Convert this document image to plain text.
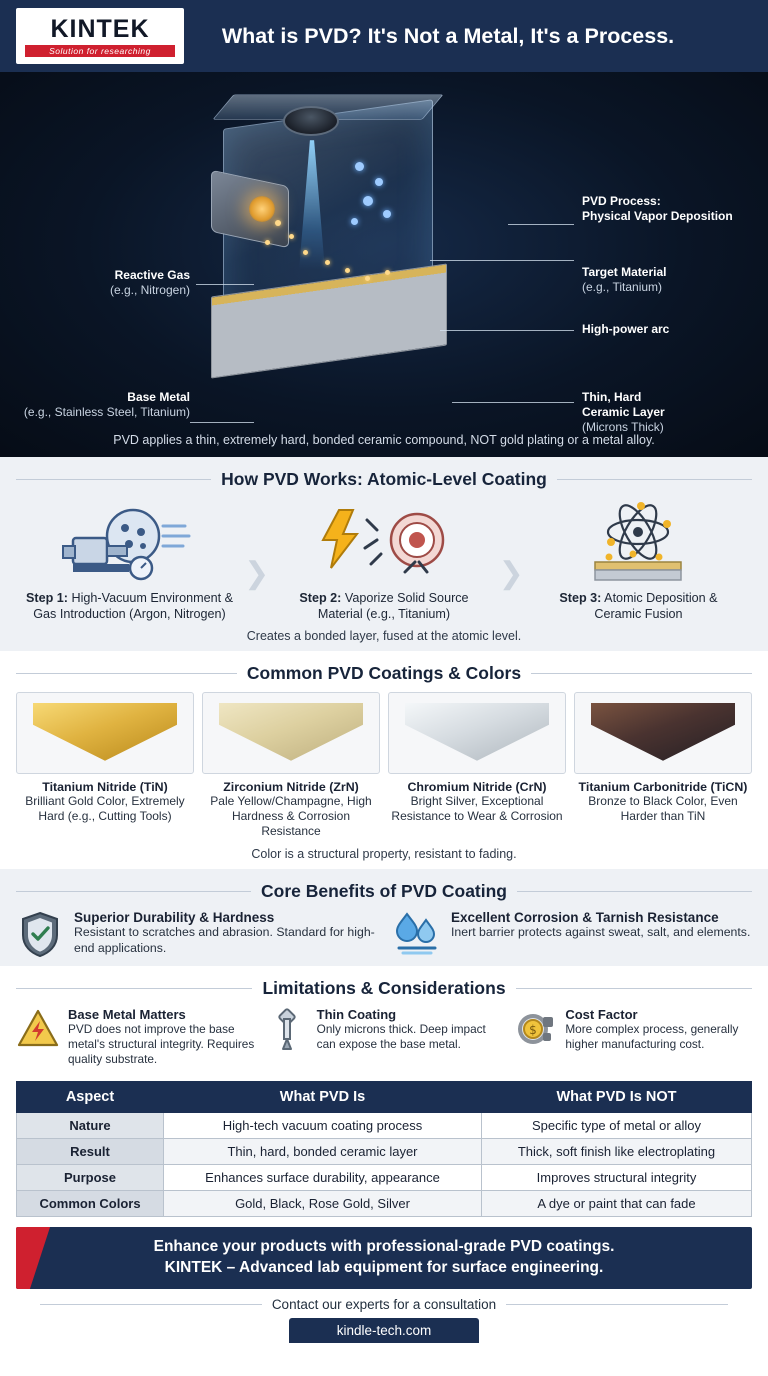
KINTEK
Solution for researching
What is PVD? It's Not a Metal, It's a Process.
PVD Process:
Physical Vapor Deposition
Target Material
(e.g., Titanium)
High-power arc
Thin, Hard
Ceramic Layer
(Microns Thick)
Reactive Gas
(e.g., Nitrogen)
Base Metal
(e.g., Stainless Steel, Titanium)
PVD applies a thin, extremely hard, bonded ceramic compound, NOT gold plating or a metal alloy.
How PVD Works: Atomic-Level Coating
Step 1: High-Vacuum Environment & Gas Introduction (Argon, Nitrogen)
❯
Step 2: Vaporize Solid Source Material (e.g., Titanium)
❯
Step 3: Atomic Deposition & Ceramic Fusion
Creates a bonded layer, fused at the atomic level.
Common PVD Coatings & Colors
Titanium Nitride (TiN)
Brilliant Gold Color, Extremely Hard (e.g., Cutting Tools)
Zirconium Nitride (ZrN)
Pale Yellow/Champagne, High Hardness & Corrosion Resistance
Chromium Nitride (CrN)
Bright Silver, Exceptional Resistance to Wear & Corrosion
Titanium Carbonitride (TiCN)
Bronze to Black Color, Even Harder than TiN
Color is a structural property, resistant to fading.
Core Benefits of PVD Coating
Superior Durability & Hardness

Resistant to scratches and abrasion. Standard for high-end applications.

Excellent Corrosion & Tarnish Resistance

Inert barrier protects against sweat, salt, and elements.

Limitations & Considerations
Base Metal Matters

PVD does not improve the base metal's structural integrity. Requires quality substrate.

Thin Coating

Only microns thick. Deep impact can expose the base metal.

$
Cost Factor

More complex process, generally higher manufacturing cost.

Aspect	What PVD Is	What PVD Is NOT
Nature	High-tech vacuum coating process	Specific type of metal or alloy
Result	Thin, hard, bonded ceramic layer	Thick, soft finish like electroplating
Purpose	Enhances surface durability, appearance	Improves structural integrity
Common Colors	Gold, Black, Rose Gold, Silver	A dye or paint that can fade
Enhance your products with professional-grade PVD coatings.
KINTEK – Advanced lab equipment for surface engineering.
Contact our experts for a consultation
kindle-tech.com
